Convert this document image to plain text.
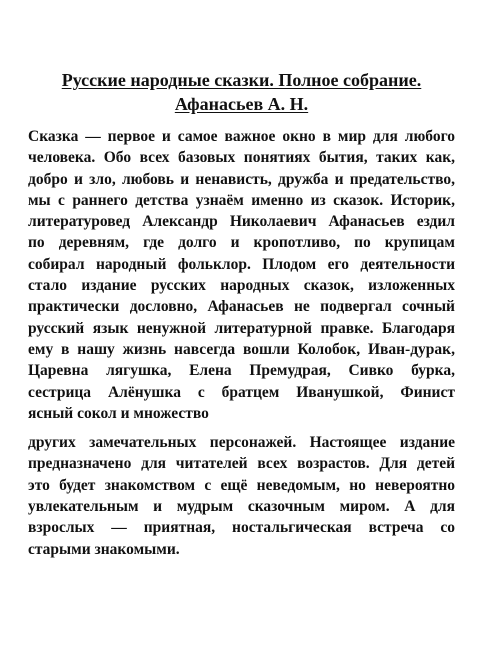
Русские народные сказки. Полное собрание.
Афанасьев А. Н.
Сказка — первое и самое важное окно в мир для любого
человека. Обо всех базовых понятиях бытия, таких как,
добро и зло, любовь и ненависть, дружба и предательство,
мы с раннего детства узнаём именно из сказок. Историк,
литературовед Александр Николаевич Афанасьев ездил
по деревням, где долго и кропотливо, по крупицам
собирал народный фольклор. Плодом его деятельности
стало издание русских народных сказок, изложенных
практически дословно, Афанасьев не подвергал сочный
русский язык ненужной литературной правке. Благодаря
ему в нашу жизнь навсегда вошли Колобок, Иван-дурак,
Царевна лягушка, Елена Премудрая, Сивко бурка,
сестрица Алёнушка с братцем Иванушкой, Финист
ясный сокол и множество
других замечательных персонажей. Настоящее издание
предназначено для читателей всех возрастов. Для детей
это будет знакомством с ещё неведомым, но невероятно
увлекательным и мудрым сказочным миром. А для
взрослых — приятная, ностальгическая встреча со
старыми знакомыми.
